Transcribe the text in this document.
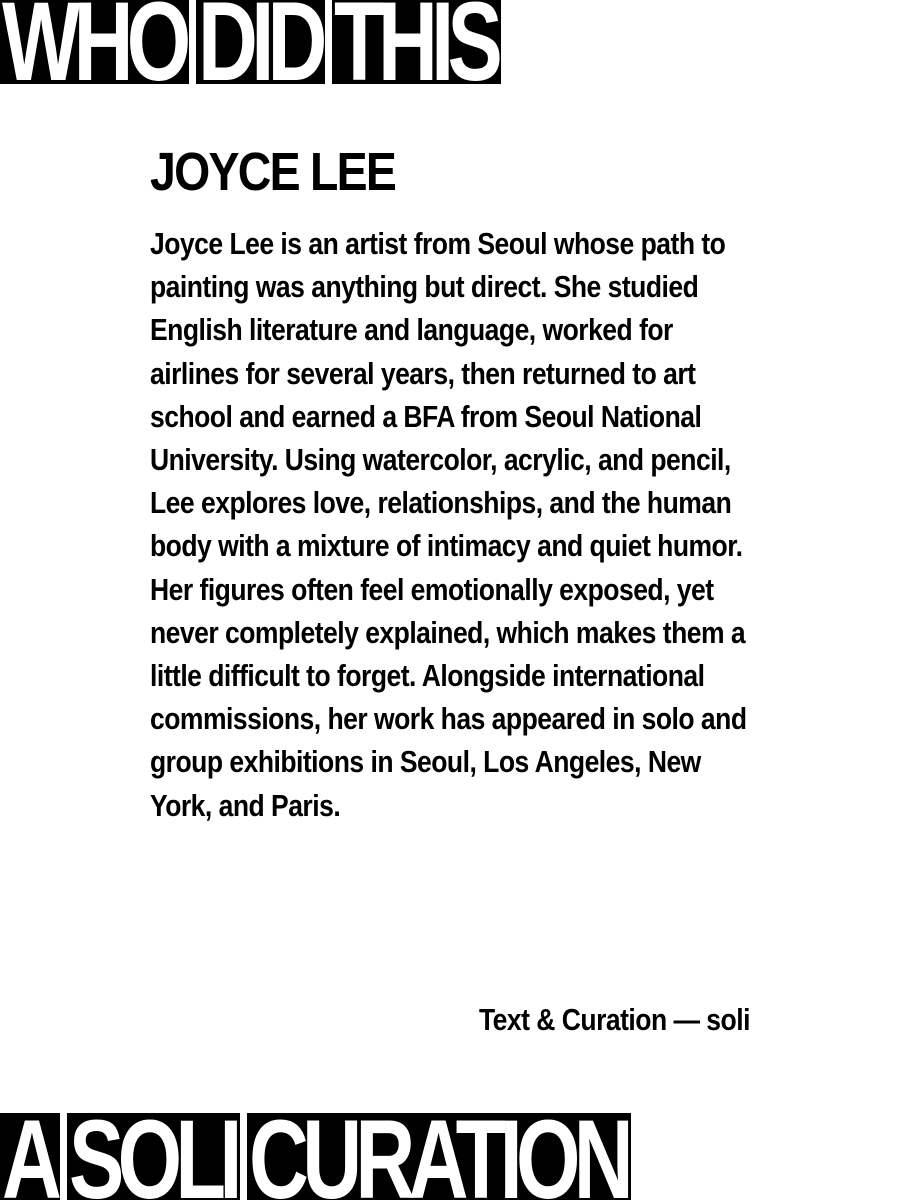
WHO DID THIS
JOYCE LEE

Joyce Lee is an artist from Seoul whose path to painting was anything but direct. She studied English literature and language, worked for airlines for several years, then returned to art school and earned a BFA from Seoul National University. Using watercolor, acrylic, and pencil, Lee explores love, relationships, and the human body with a mixture of intimacy and quiet humor. Her figures often feel emotionally exposed, yet never completely explained, which makes them a little difficult to forget. Alongside international commissions, her work has appeared in solo and group exhibitions in Seoul, Los Angeles, New York, and Paris.

Text & Curation — soli
A SOLI CURATION
